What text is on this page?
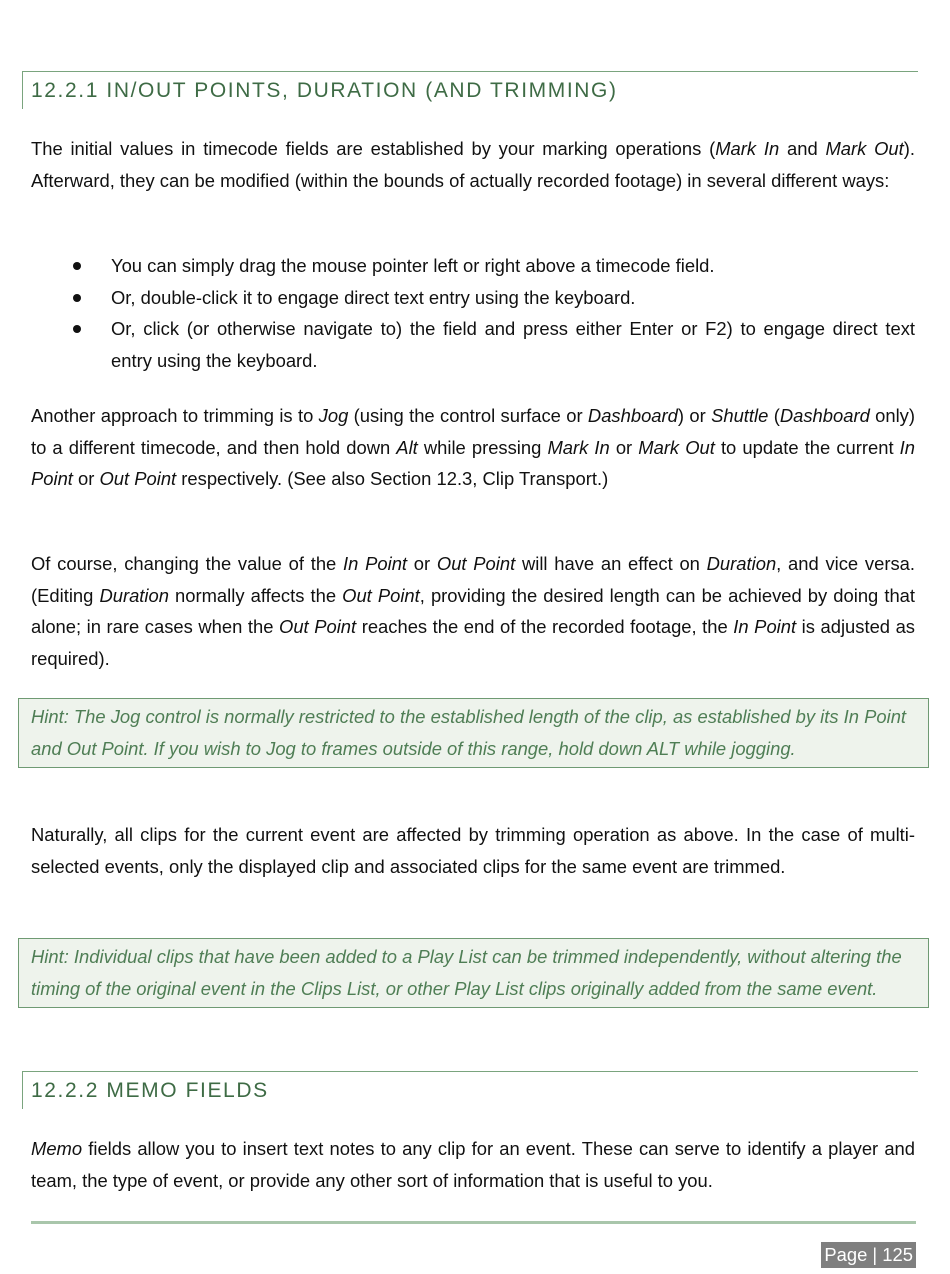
12.2.1 IN/OUT POINTS, DURATION (AND TRIMMING)

The initial values in timecode fields are established by your marking operations (Mark In and Mark Out). Afterward, they can be modified (within the bounds of actually recorded footage) in several different ways:

You can simply drag the mouse pointer left or right above a timecode field.
Or, double-click it to engage direct text entry using the keyboard.
Or, click (or otherwise navigate to) the field and press either Enter or F2) to engage direct text entry using the keyboard.

Another approach to trimming is to Jog (using the control surface or Dashboard) or Shuttle (Dashboard only) to a different timecode, and then hold down Alt while pressing Mark In or Mark Out to update the current In Point or Out Point respectively. (See also Section 12.3, Clip Transport.)

Of course, changing the value of the In Point or Out Point will have an effect on Duration, and vice versa. (Editing Duration normally affects the Out Point, providing the desired length can be achieved by doing that alone; in rare cases when the Out Point reaches the end of the recorded footage, the In Point is adjusted as required).

Hint: The Jog control is normally restricted to the established length of the clip, as established by its In Point and Out Point. If you wish to Jog to frames outside of this range, hold down ALT while jogging.

Naturally, all clips for the current event are affected by trimming operation as above. In the case of multi-selected events, only the displayed clip and associated clips for the same event are trimmed.

Hint: Individual clips that have been added to a Play List can be trimmed independently, without altering the timing of the original event in the Clips List, or other Play List clips originally added from the same event.

12.2.2 MEMO FIELDS

Memo fields allow you to insert text notes to any clip for an event. These can serve to identify a player and team, the type of event, or provide any other sort of information that is useful to you.

Page | 125
